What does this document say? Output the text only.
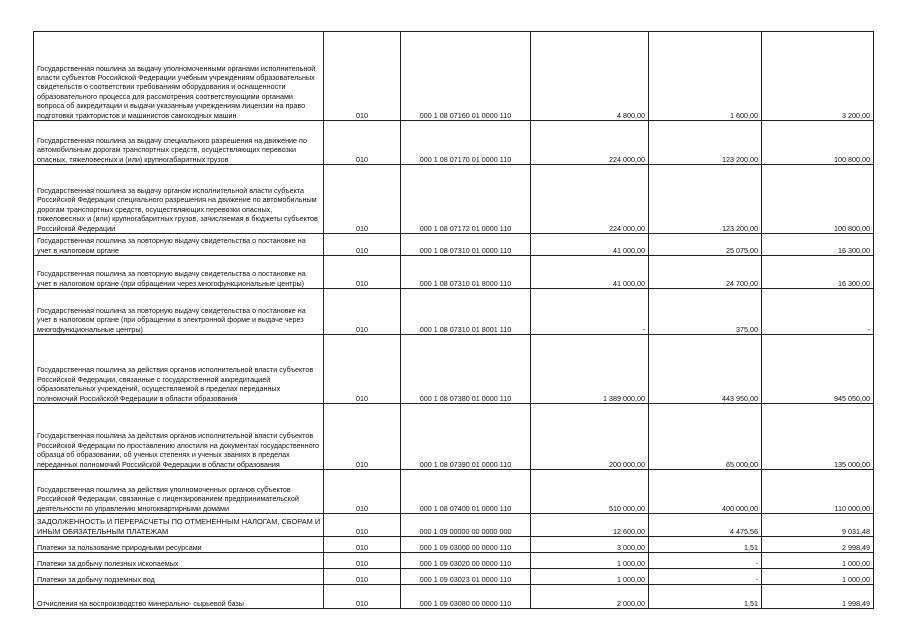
Государственная пошлина за выдачу уполномоченными органами исполнительной власти субъектов Российской Федерации учебным учреждениям образовательных свидетельств о соответствии требованиям оборудования и оснащенности образовательного процесса для рассмотрения соответствующими органами вопроса об аккредитации и выдачи указанным учреждениям лицензии на право подготовки трактористов и машинистов самоходных машин	010	000 1 08 07160 01 0000 110	4 800,00	1 600,00	3 200,00

Государственная пошлина за выдачу специального разрешения на движение по автомобильным дорогам транспортных средств, осуществляющих перевозки опасных, тяжеловесных и (или) крупногабаритных грузов	010	000 1 08 07170 01 0000 110	224 000,00	123 200,00	100 800,00

Государственная пошлина за выдачу органом исполнительной власти субъекта Российской Федерации специального разрешения на движение по автомобильным дорогам транспортных средств, осуществляющих перевозки опасных, тяжеловесных и (или) крупногабаритных грузов, зачисляемая в бюджеты субъектов Российской Федерации	010	000 1 08 07172 01 0000 110	224 000,00	123 200,00	100 800,00

Государственная пошлина за повторную выдачу свидетельства о постановке на учет в налоговом органе	010	000 1 08 07310 01 0000 110	41 000,00	25 075,00	16 300,00

Государственная пошлина за повторную выдачу свидетельства о постановке на учет в налоговом органе (при обращении через многофункциональные центры)	010	000 1 08 07310 01 8000 110	41 000,00	24 700,00	16 300,00

Государственная пошлина за повторную выдачу свидетельства о постановке на учет в налоговом органе (при обращении в электронной форме и выдаче через многофункциональные центры)	010	000 1 08 07310 01 8001 110	-	375,00	-

Государственная пошлина за действия органов исполнительной власти субъектов Российской Федерации, связанные с государственной аккредитацией образовательных учреждений, осуществляемой в пределах переданных полномочий Российской Федерации в области образования	010	000 1 08 07380 01 0000 110	1 389 000,00	443 950,00	945 050,00

Государственная пошлина за действия органов исполнительной власти субъектов Российской Федерации по проставлению апостиля на документах государственного образца об образовании, об ученых степенях и ученых званиях в пределах переданных полномочий Российской Федерации в области образования	010	000 1 08 07390 01 0000 110	200 000,00	65 000,00	135 000,00

Государственная пошлина за действия уполномоченных органов субъектов Российской Федерации, связанные с лицензированием предпринимательской деятельности по управлению многоквартирными домами	010	000 1 08 07400 01 0000 110	510 000,00	400 000,00	110 000,00

ЗАДОЛЖЕННОСТЬ И ПЕРЕРАСЧЕТЫ ПО ОТМЕНЕННЫМ НАЛОГАМ, СБОРАМ И ИНЫМ ОБЯЗАТЕЛЬНЫМ ПЛАТЕЖАМ	010	000 1 09 00000 00 0000 000	12 600,00	4 475,56	9 031,48

Платежи за пользование природными ресурсами	010	000 1 09 03000 00 0000 110	3 000,00	1,51	2 998,49

Платежи за добычу полезных ископаемых	010	000 1 09 03020 00 0000 110	1 000,00	-	1 000,00

Платежи за добычу подземных вод	010	000 1 09 03023 01 0000 110	1 000,00	-	1 000,00

Отчисления на воспроизводство минерально- сырьевой базы	010	000 1 09 03080 00 0000 110	2 000,00	1,51	1 998,49
